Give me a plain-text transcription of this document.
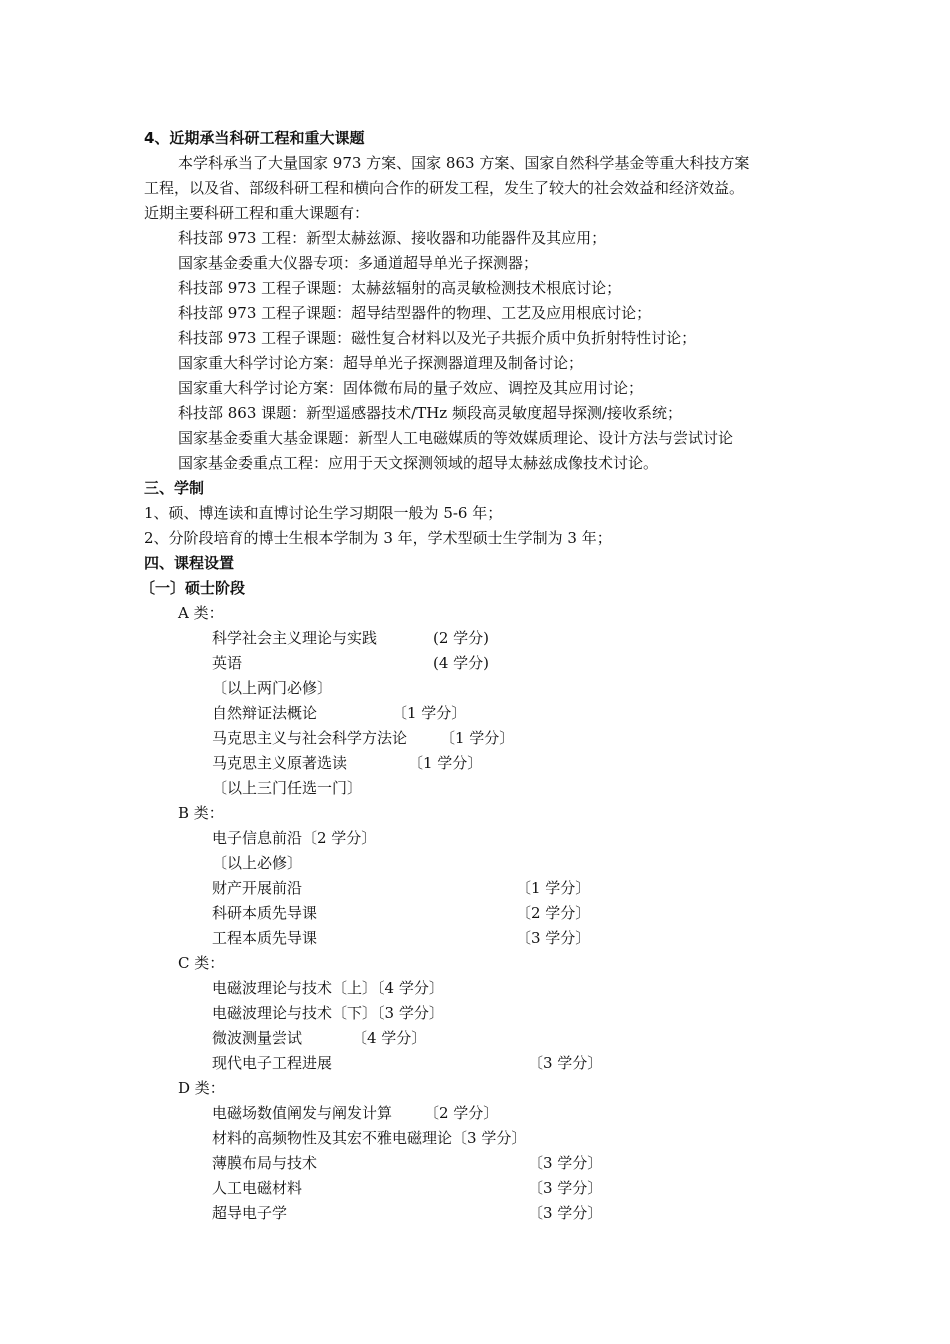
4、近期承当科研工程和重大课题
本学科承当了大量国家 973 方案、国家 863 方案、国家自然科学基金等重大科技方案
工程，以及省、部级科研工程和横向合作的研发工程，发生了较大的社会效益和经济效益。
近期主要科研工程和重大课题有：
科技部 973 工程：新型太赫兹源、接收器和功能器件及其应用；
国家基金委重大仪器专项：多通道超导单光子探测器；
科技部 973 工程子课题：太赫兹辐射的高灵敏检测技术根底讨论；
科技部 973 工程子课题：超导结型器件的物理、工艺及应用根底讨论；
科技部 973 工程子课题：磁性复合材料以及光子共振介质中负折射特性讨论；
国家重大科学讨论方案：超导单光子探测器道理及制备讨论；
国家重大科学讨论方案：固体微布局的量子效应、调控及其应用讨论；
科技部 863 课题：新型遥感器技术/THz 频段高灵敏度超导探测/接收系统；
国家基金委重大基金课题：新型人工电磁媒质的等效媒质理论、设计方法与尝试讨论
国家基金委重点工程：应用于天文探测领域的超导太赫兹成像技术讨论。
三、学制
1、硕、博连读和直博讨论生学习期限一般为 5-6 年；
2、分阶段培育的博士生根本学制为 3 年，学术型硕士生学制为 3 年；
四、课程设置
〔一〕硕士阶段
A 类：
科学社会主义理论与实践	(2 学分)
英语	(4 学分)
〔以上两门必修〕
自然辩证法概论	〔1 学分〕
马克思主义与社会科学方法论 〔1 学分〕
马克思主义原著选读	〔1 学分〕
〔以上三门任选一门〕
B 类：
电子信息前沿〔2 学分〕
〔以上必修〕
财产开展前沿	〔1 学分〕
科研本质先导课	〔2 学分〕
工程本质先导课	〔3 学分〕
C 类：
电磁波理论与技术〔上〕〔4 学分〕
电磁波理论与技术〔下〕〔3 学分〕
微波测量尝试	〔4 学分〕
现代电子工程进展	〔3 学分〕
D 类：
电磁场数值阐发与阐发计算 〔2 学分〕
材料的高频物性及其宏不雅电磁理论〔3 学分〕
薄膜布局与技术	〔3 学分〕
人工电磁材料	〔3 学分〕
超导电子学	〔3 学分〕
